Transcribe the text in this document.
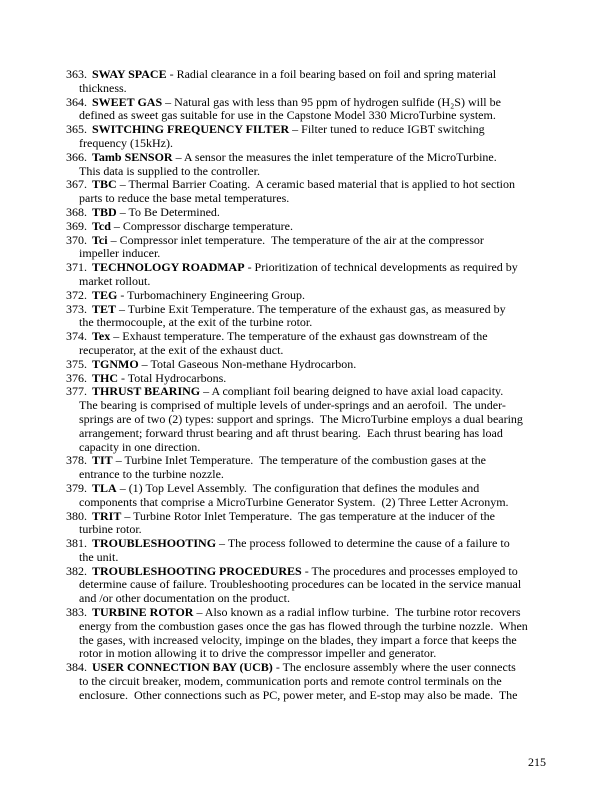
363. SWAY SPACE - Radial clearance in a foil bearing based on foil and spring material
thickness.
364. SWEET GAS – Natural gas with less than 95 ppm of hydrogen sulfide (H₂S) will be
defined as sweet gas suitable for use in the Capstone Model 330 MicroTurbine system.
365. SWITCHING FREQUENCY FILTER – Filter tuned to reduce IGBT switching
frequency (15kHz).
366. Tamb SENSOR – A sensor the measures the inlet temperature of the MicroTurbine.
This data is supplied to the controller.
367. TBC – Thermal Barrier Coating.  A ceramic based material that is applied to hot section
parts to reduce the base metal temperatures.
368. TBD – To Be Determined.
369. Tcd – Compressor discharge temperature.
370. Tci – Compressor inlet temperature.  The temperature of the air at the compressor
impeller inducer.
371. TECHNOLOGY ROADMAP - Prioritization of technical developments as required by
market rollout.
372. TEG - Turbomachinery Engineering Group.
373. TET – Turbine Exit Temperature. The temperature of the exhaust gas, as measured by
the thermocouple, at the exit of the turbine rotor.
374. Tex – Exhaust temperature. The temperature of the exhaust gas downstream of the
recuperator, at the exit of the exhaust duct.
375. TGNMO – Total Gaseous Non-methane Hydrocarbon.
376. THC - Total Hydrocarbons.
377. THRUST BEARING – A compliant foil bearing deigned to have axial load capacity.
The bearing is comprised of multiple levels of under-springs and an aerofoil.  The under-
springs are of two (2) types: support and springs.  The MicroTurbine employs a dual bearing
arrangement; forward thrust bearing and aft thrust bearing.  Each thrust bearing has load
capacity in one direction.
378. TIT – Turbine Inlet Temperature.  The temperature of the combustion gases at the
entrance to the turbine nozzle.
379. TLA – (1) Top Level Assembly.  The configuration that defines the modules and
components that comprise a MicroTurbine Generator System.  (2) Three Letter Acronym.
380. TRIT – Turbine Rotor Inlet Temperature.  The gas temperature at the inducer of the
turbine rotor.
381. TROUBLESHOOTING – The process followed to determine the cause of a failure to
the unit.
382. TROUBLESHOOTING PROCEDURES - The procedures and processes employed to
determine cause of failure. Troubleshooting procedures can be located in the service manual
and /or other documentation on the product.
383. TURBINE ROTOR – Also known as a radial inflow turbine.  The turbine rotor recovers
energy from the combustion gases once the gas has flowed through the turbine nozzle.  When
the gases, with increased velocity, impinge on the blades, they impart a force that keeps the
rotor in motion allowing it to drive the compressor impeller and generator.
384. USER CONNECTION BAY (UCB) - The enclosure assembly where the user connects
to the circuit breaker, modem, communication ports and remote control terminals on the
enclosure.  Other connections such as PC, power meter, and E-stop may also be made.  The
215
